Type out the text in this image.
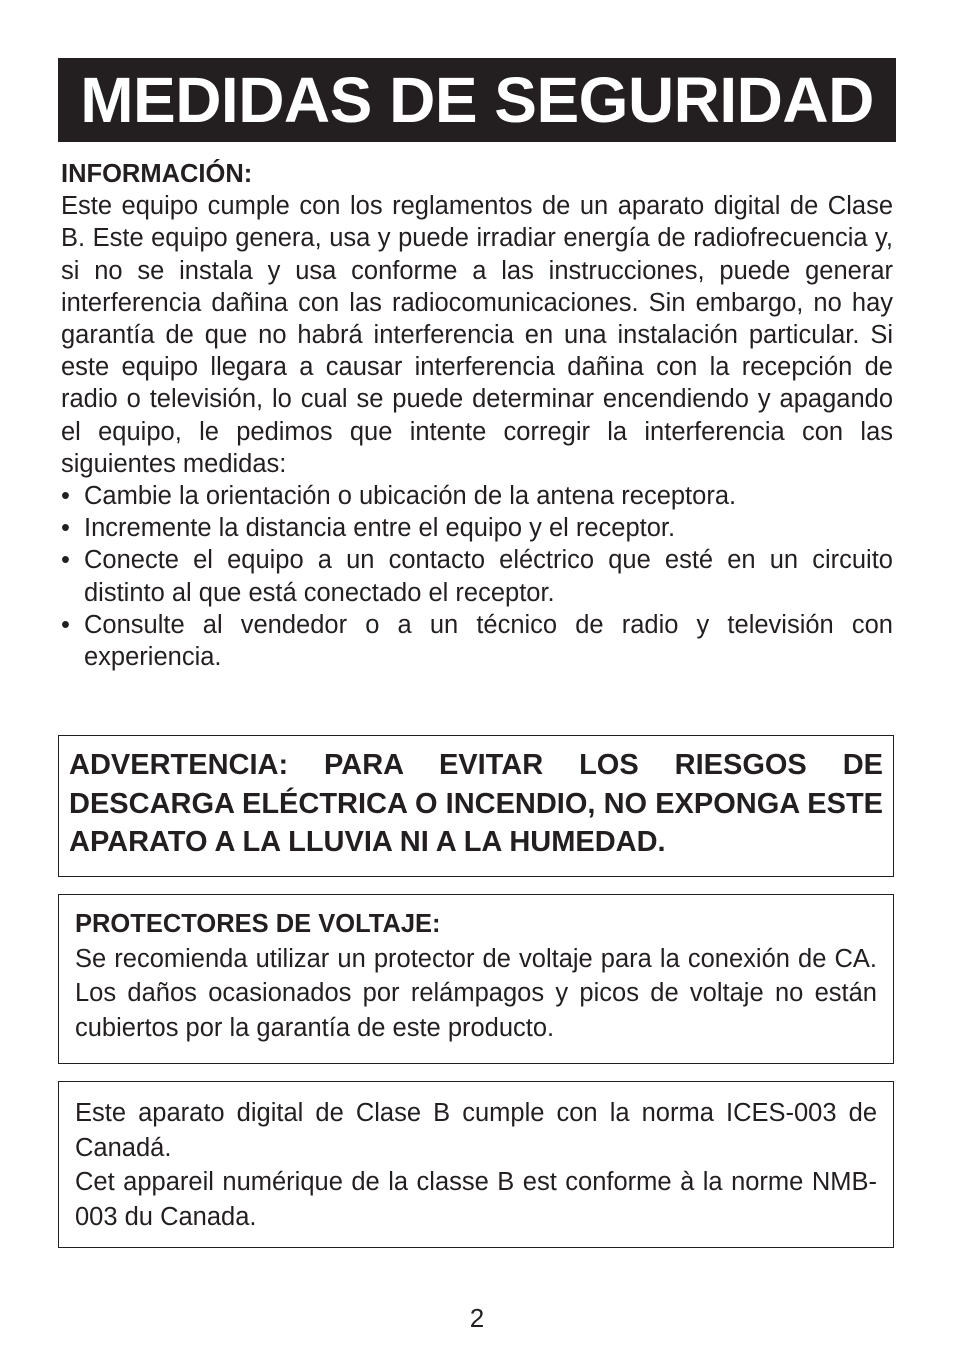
MEDIDAS DE SEGURIDAD
INFORMACIÓN:
Este equipo cumple con los reglamentos de un aparato digital de Clase B. Este equipo genera, usa y puede irradiar energía de radiofrecuencia y, si no se instala y usa conforme a las instrucciones, puede generar interferencia dañina con las radiocomunicaciones. Sin embargo, no hay garantía de que no habrá interferencia en una instalación particular. Si este equipo llegara a causar interferencia dañina con la recepción de radio o televisión, lo cual se puede determinar encendiendo y apagando el equipo, le pedimos que intente corregir la interferencia con las siguientes medidas:
• Cambie la orientación o ubicación de la antena receptora.
• Incremente la distancia entre el equipo y el receptor.
• Conecte el equipo a un contacto eléctrico que esté en un circuito distinto al que está conectado el receptor.
• Consulte al vendedor o a un técnico de radio y televisión con experiencia.
ADVERTENCIA: PARA EVITAR LOS RIESGOS DE DESCARGA ELÉCTRICA O INCENDIO, NO EXPONGA ESTE APARATO A LA LLUVIA NI A LA HUMEDAD.
PROTECTORES DE VOLTAJE:
Se recomienda utilizar un protector de voltaje para la conexión de CA. Los daños ocasionados por relámpagos y picos de voltaje no están cubiertos por la garantía de este producto.

Este aparato digital de Clase B cumple con la norma ICES-003 de Canadá.

Cet appareil numérique de la classe B est conforme à la norme NMB-003 du Canada.

2
